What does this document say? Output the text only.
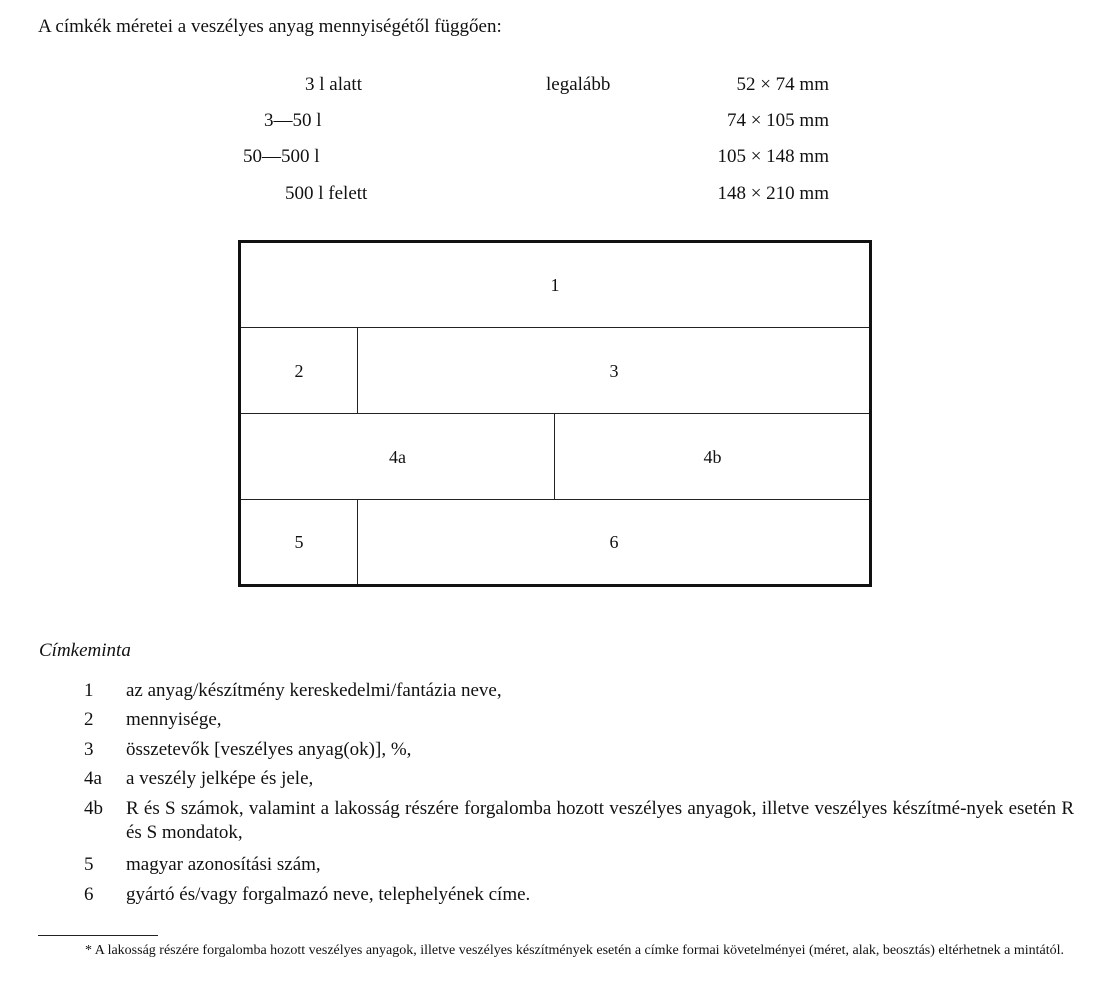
A címkék méretei a veszélyes anyag mennyiségétől függően:
3 l alatt	legalább	52 × 74 mm
3—50 l	74 × 105 mm
50—500 l	105 × 148 mm
500 l felett	148 × 210 mm
1
2	3
4a	4b
5	6
Címkeminta
1 az anyag/készítmény kereskedelmi/fantázia neve,
2 mennyisége,
3 összetevők [veszélyes anyag(ok)], %,
4a a veszély jelképe és jele,
4b R és S számok, valamint a lakosság részére forgalomba hozott veszélyes anyagok, illetve veszélyes készítmé-nyek esetén R és S mondatok,
5 magyar azonosítási szám,
6 gyártó és/vagy forgalmazó neve, telephelyének címe.
* A lakosság részére forgalomba hozott veszélyes anyagok, illetve veszélyes készítmények esetén a címke formai követelményei (méret, alak, beosztás) eltérhetnek a mintától.
